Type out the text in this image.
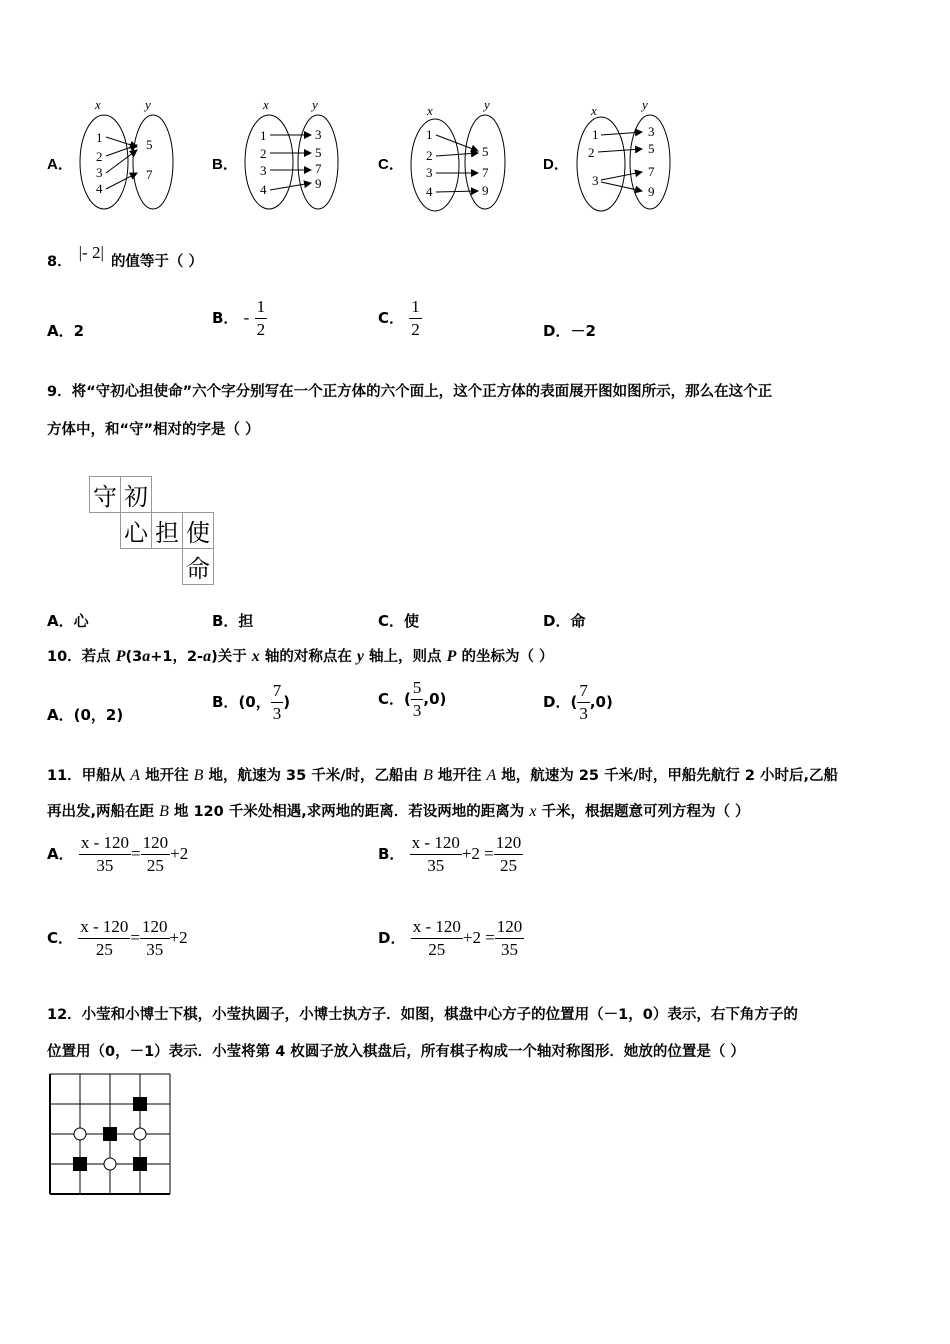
A．	B．	C．	D．
x	y
1
2
3
4
5
7
x	y
1
2
3
4
3
5
7
9
x	y
1
2
3
4
5
7
9
x	y
1
2
3
3
5
7
9
8． |- 2| 的值等于（ ）
A．2
B． - $\frac{1}{2}$	C． $\frac{1}{2}$	D．－2
9．将“守初心担使命”六个字分别写在一个正方体的六个面上，这个正方体的表面展开图如图所示，那么在这个正
方体中，和“守”相对的字是（ ）
守	初		
	心	担	使
			命
A．心	B．担	C．使	D．命
10．若点 P(3a+1，2-a)关于 x 轴的对称点在 y 轴上，则点 P 的坐标为（ ）
A．(0，2)
B．(0， $\frac{7}{3}$ )	C．( $\frac{5}{3} ,0$)	D．( $\frac{7}{3} ,0$)
11．甲船从 A 地开往 B 地，航速为 35 千米/时，乙船由 B 地开往 A 地，航速为 25 千米/时，甲船先航行 2 小时后,乙船
再出发,两船在距 B 地 120 千米处相遇,求两地的距离．若设两地的距离为 x 千米，根据题意可列方程为（ ）
A． $\frac{x - 120}{35} = \frac{120}{25} +2$	B． $\frac{x - 120}{35} +2 = \frac{120}{25}$
C． $\frac{x - 120}{25} = \frac{120}{35} +2$	D． $\frac{x - 120}{25} +2 = \frac{120}{35}$
12．小莹和小博士下棋，小莹执圆子，小博士执方子．如图，棋盘中心方子的位置用（－1，0）表示，右下角方子的
位置用（0，－1）表示．小莹将第 4 枚圆子放入棋盘后，所有棋子构成一个轴对称图形．她放的位置是（ ）
